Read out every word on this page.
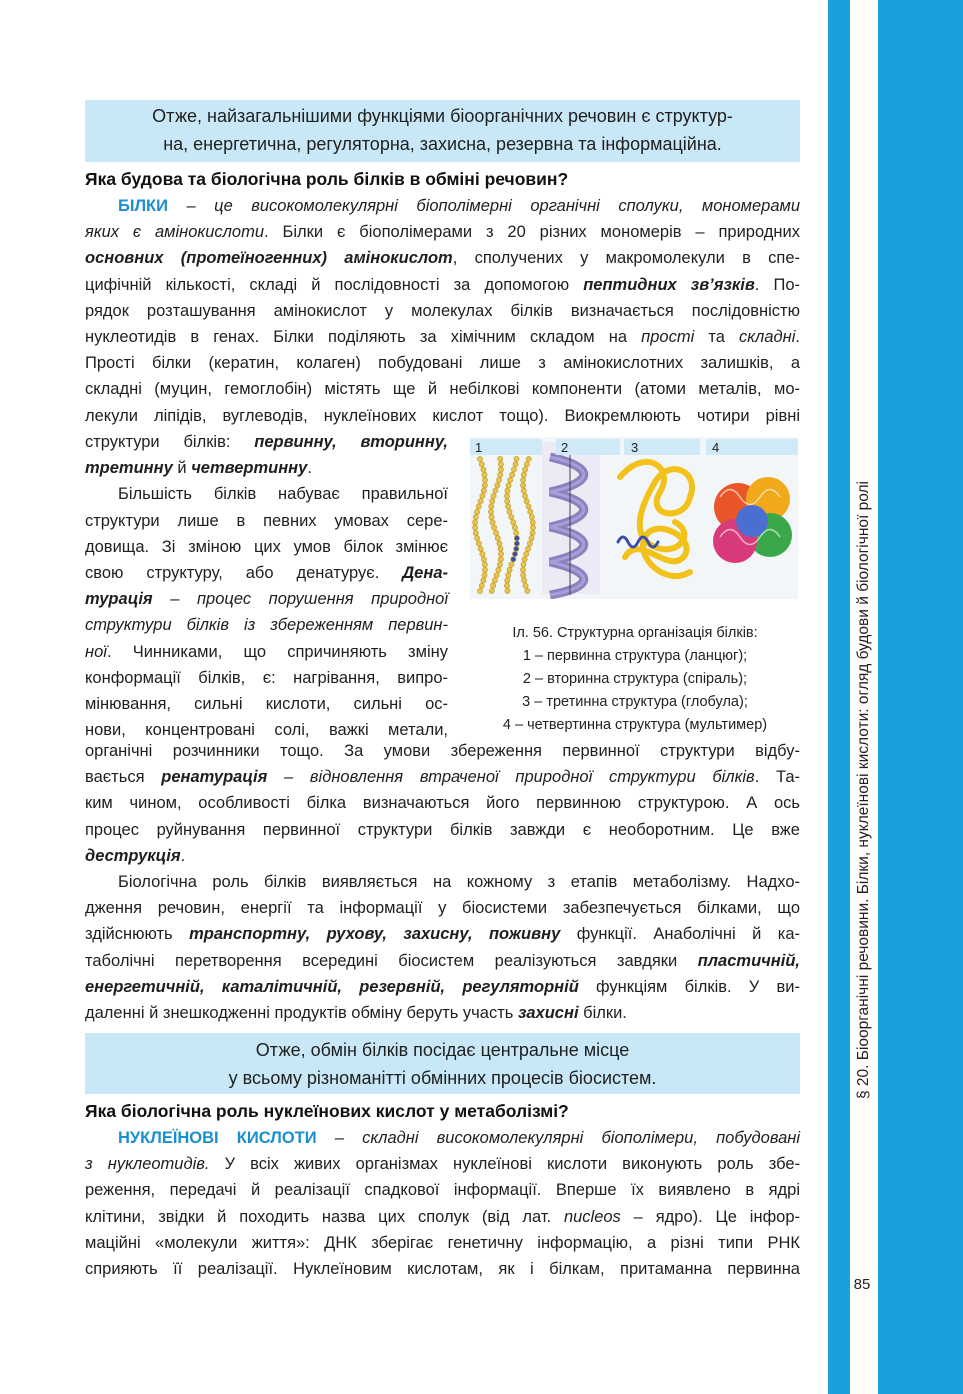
Отже, найзагальнішими функціями біоорганічних речовин є структур-
на, енергетична, регуляторна, захисна, резервна та інформаційна.
Яка будова та біологічна роль білків в обміні речовин?
БІЛКИ – це високомолекулярні біополімерні органічні сполуки, мономерами
яких є амінокислоти. Білки є біополімерами з 20 різних мономерів – природних
основних (протеїногенних) амінокислот, сполучених у макромолекули в спе-
цифічній кількості, складі й послідовності за допомогою пептидних зв’язків. По-
рядок розташування амінокислот у молекулах білків визначається послідовністю
нуклеотидів в генах. Білки поділяють за хімічним складом на прості та складні.
Прості білки (кератин, колаген) побудовані лише з амінокислотних залишків, а
складні (муцин, гемоглобін) містять ще й небілкові компоненти (атоми металів, мо-
лекули ліпідів, вуглеводів, нуклеїнових кислот тощо). Виокремлюють чотири рівні
структури білків: первинну, вторинну,
третинну й четвертинну.
Більшість білків набуває правильної
структури лише в певних умовах сере-
довища. Зі зміною цих умов білок змінює
свою структуру, або денатурує. Дена-
турація – процес порушення природної
структури білків із збереженням первин-
ної. Чинниками, що спричиняють зміну
конформації білків, є: нагрівання, випро-
мінювання, сильні кислоти, сильні ос-
нови, концентровані солі, важкі метали,
1	2	3	4
Іл. 56. Структурна організація білків:
1 – первинна структура (ланцюг);
2 – вторинна структура (спіраль);
3 – третинна структура (глобула);
4 – четвертинна структура (мультимер)
органічні розчинники тощо. За умови збереження первинної структури відбу-
вається ренатурація – відновлення втраченої природної структури білків. Та-
ким чином, особливості білка визначаються його первинною структурою. А ось
процес руйнування первинної структури білків завжди є необоротним. Це вже
деструкція.
Біологічна роль білків виявляється на кожному з етапів метаболізму. Надхо-
дження речовин, енергії та інформації у біосистеми забезпечується білками, що
здійснюють транспортну, рухову, захисну, поживну функції. Анаболічні й ка-
таболічні перетворення всередині біосистем реалізуються завдяки пластичній,
енергетичній, каталітичній, резервній, регуляторній функціям білків. У ви-
даленні й знешкодженні продуктів обміну беруть участь захисні білки.
Отже, обмін білків посідає центральне місце
у всьому різноманітті обмінних процесів біосистем.
Яка біологічна роль нуклеїнових кислот у метаболізмі?
НУКЛЕЇНОВІ КИСЛОТИ – складні високомолекулярні біополімери, побудовані
з нуклеотидів. У всіх живих організмах нуклеїнові кислоти виконують роль збе-
реження, передачі й реалізації спадкової інформації. Вперше їх виявлено в ядрі
клітини, звідки й походить назва цих сполук (від лат. nucleos – ядро). Це інфор-
маційні «молекули життя»: ДНК зберігає генетичну інформацію, а різні типи РНК
сприяють її реалізації. Нуклеїновим кислотам, як і білкам, притаманна первинна
§ 20. Біоорганічні речовини. Білки, нуклеїнові кислоти: огляд будови й біологічної ролі
85
